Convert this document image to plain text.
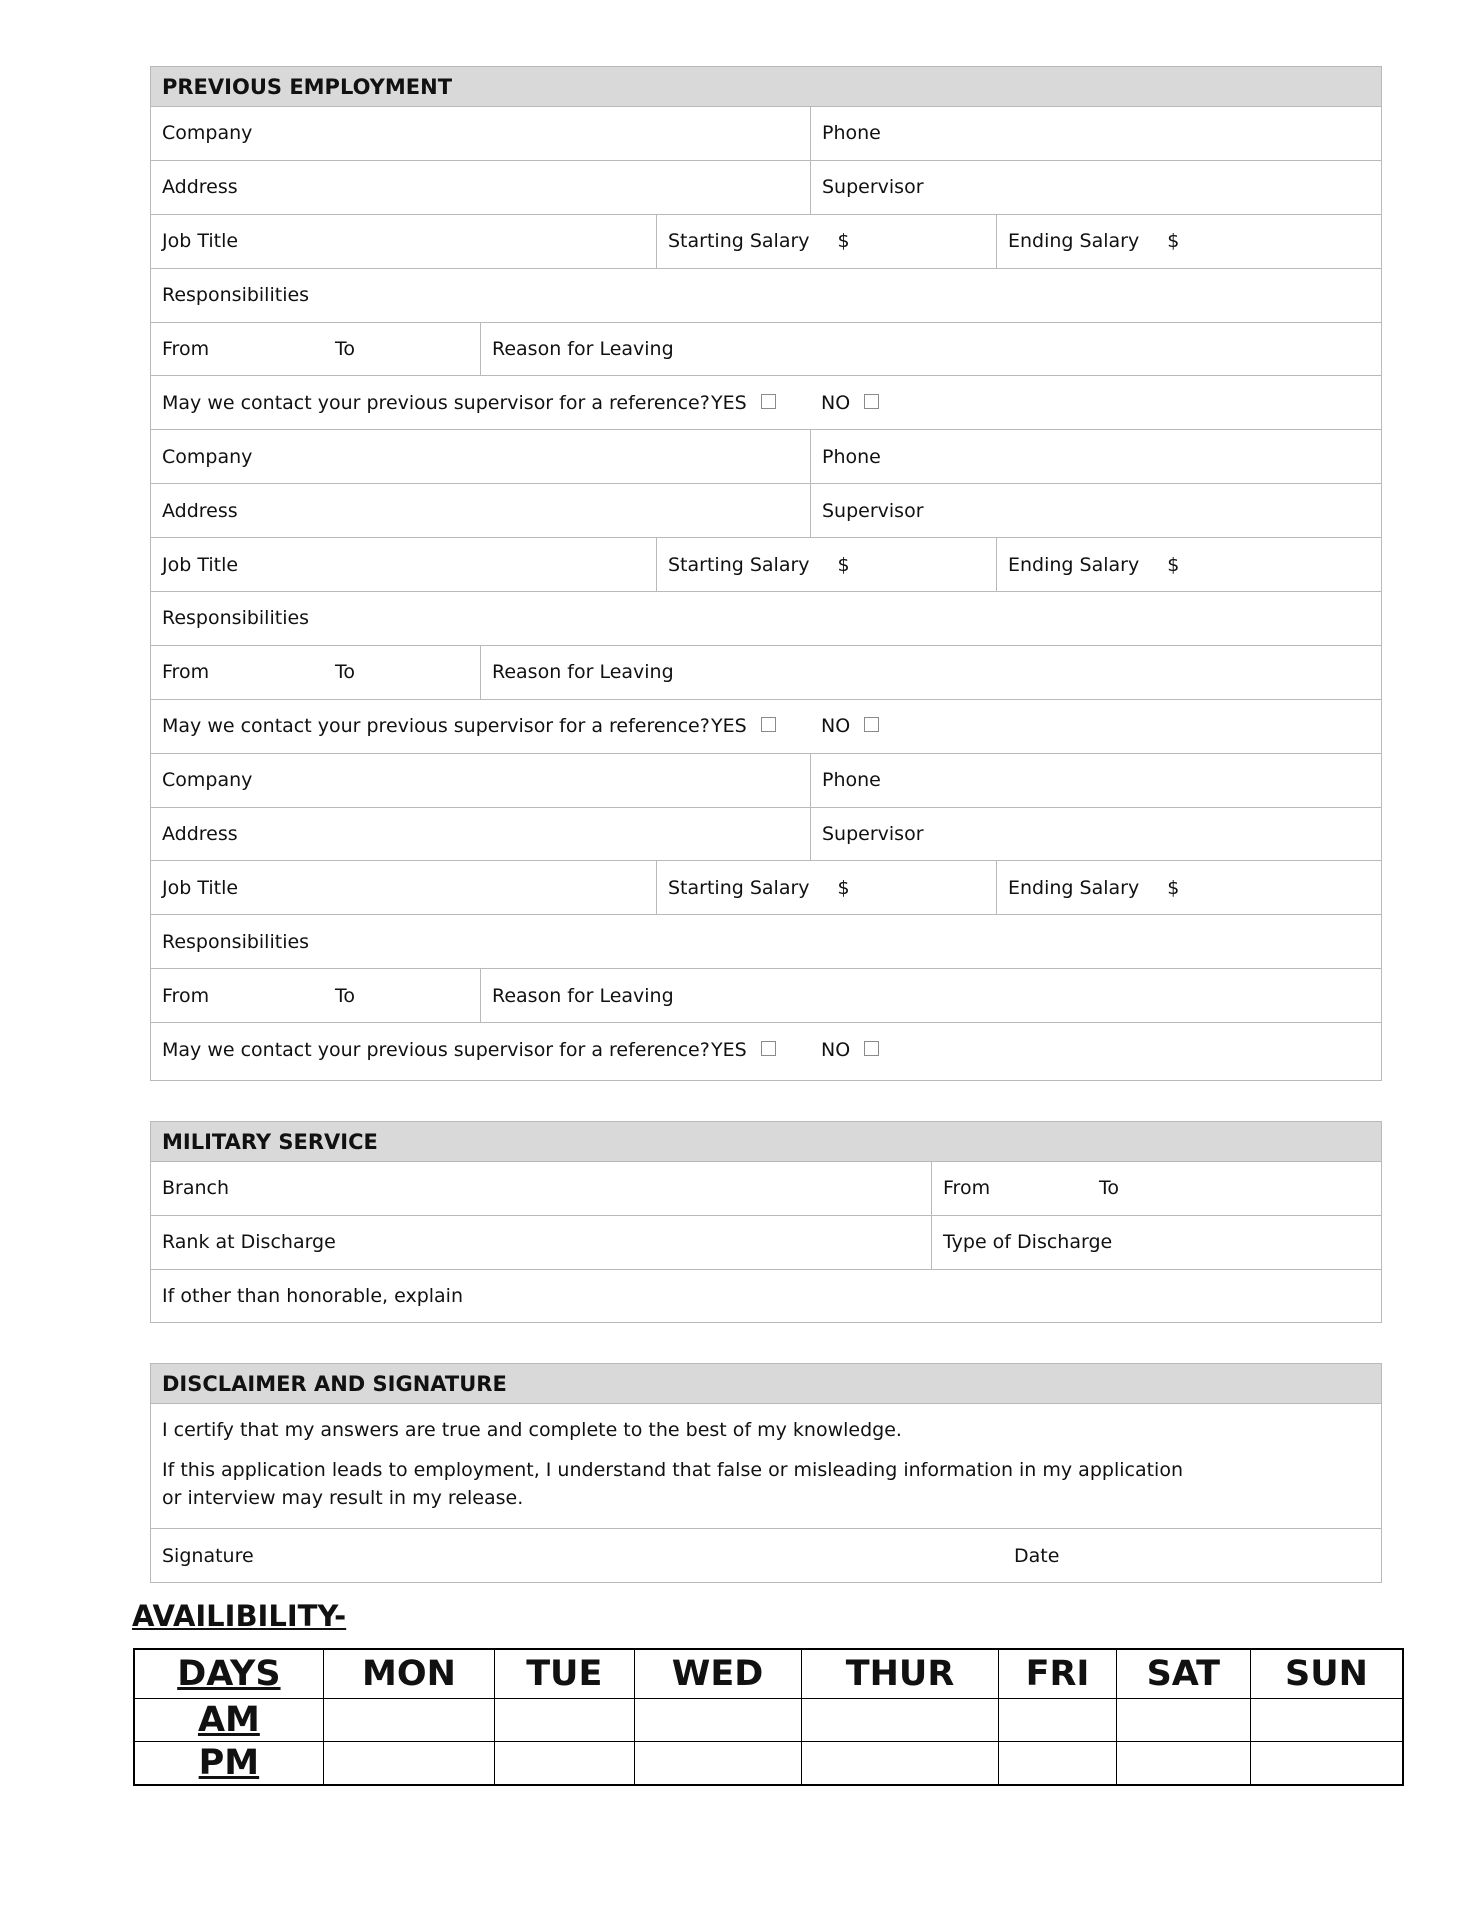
PREVIOUS EMPLOYMENT
Company	Phone
Address	Supervisor
Job Title	Starting Salary $	Ending Salary $
Responsibilities
From	To	Reason for Leaving
May we contact your previous supervisor for a reference? YES	NO
Company	Phone
Address	Supervisor
Job Title	Starting Salary $	Ending Salary $
Responsibilities
From	To	Reason for Leaving
May we contact your previous supervisor for a reference? YES	NO
Company	Phone
Address	Supervisor
Job Title	Starting Salary $	Ending Salary $
Responsibilities
From	To	Reason for Leaving
May we contact your previous supervisor for a reference? YES	NO
MILITARY SERVICE
Branch	From	To
Rank at Discharge	Type of Discharge
If other than honorable, explain
DISCLAIMER AND SIGNATURE

I certify that my answers are true and complete to the best of my knowledge.

If this application leads to employment, I understand that false or misleading information in my application or interview may result in my release.

Signature	Date
AVAILIBILITY-
DAYS	MON	TUE	WED	THUR	FRI	SAT	SUN
AM							
PM							
